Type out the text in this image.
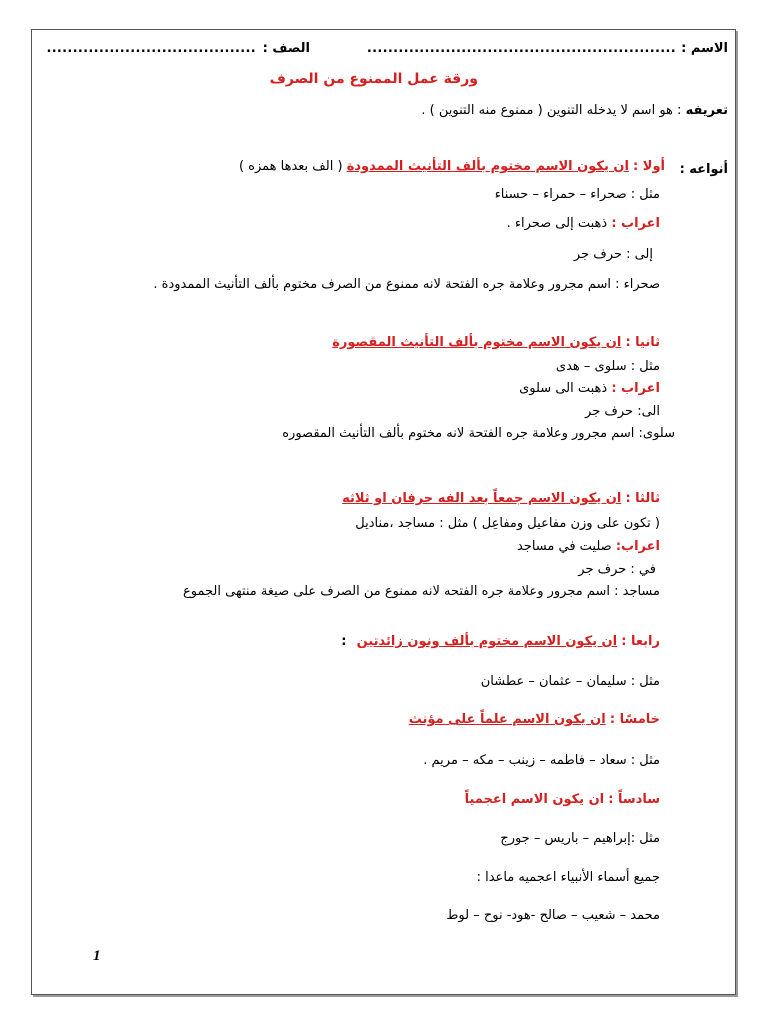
الاسم :
...........................................................
الصف :
........................................
ورقة عمل الممنوع من الصرف
تعريفه : هو اسم لا يدخله التنوين ( ممنوع منه التنوين ) .
أنواعه :
أولا : ان يكون الاسم مختوم بألف التأنيث الممدودة ( الف بعدها همزه )
مثل : صحراء – حمراء – حسناء
اعراب : ذهبت إلى صحراء .
إلى : حرف جر
صحراء : اسم مجرور وعلامة جره الفتحة لانه ممنوع من الصرف مختوم بألف التأنيث الممدودة .
ثانيا : ان يكون الاسم مختوم بألف التأنيث المقصورة
مثل : سلوى – هدى
اعراب : ذهبت الى سلوى
الى: حرف جر
سلوى: اسم مجرور وعلامة جره الفتحة لانه مختوم بألف التأنيث المقصوره
ثالثا : ان يكون الاسم جمعاً بعد الفه حرفان او ثلاثه
( تكون على وزن مفاعيل ومفاعِل ) مثل : مساجد ،مناديل
اعراب: صليت في مساجد
في : حرف جر
مساجد : اسم مجرور وعلامة جره الفتحه لانه ممنوع من الصرف على صيغة منتهى الجموع
رابعا : ان يكون الاسم مختوم بألف ونون زائدتين :
مثل : سليمان – عثمان – عطشان
خامسًا : ان يكون الاسم علماً على مؤنث
مثل : سعاد – فاطمه – زينب – مكه – مريم .
سادساً : ان يكون الاسم اعجمياً
مثل :إبراهيم – باريس – جورج
جميع أسماء الأنبياء اعجميه ماعدا :
محمد – شعيب – صالح -هود- نوح – لوط
1
